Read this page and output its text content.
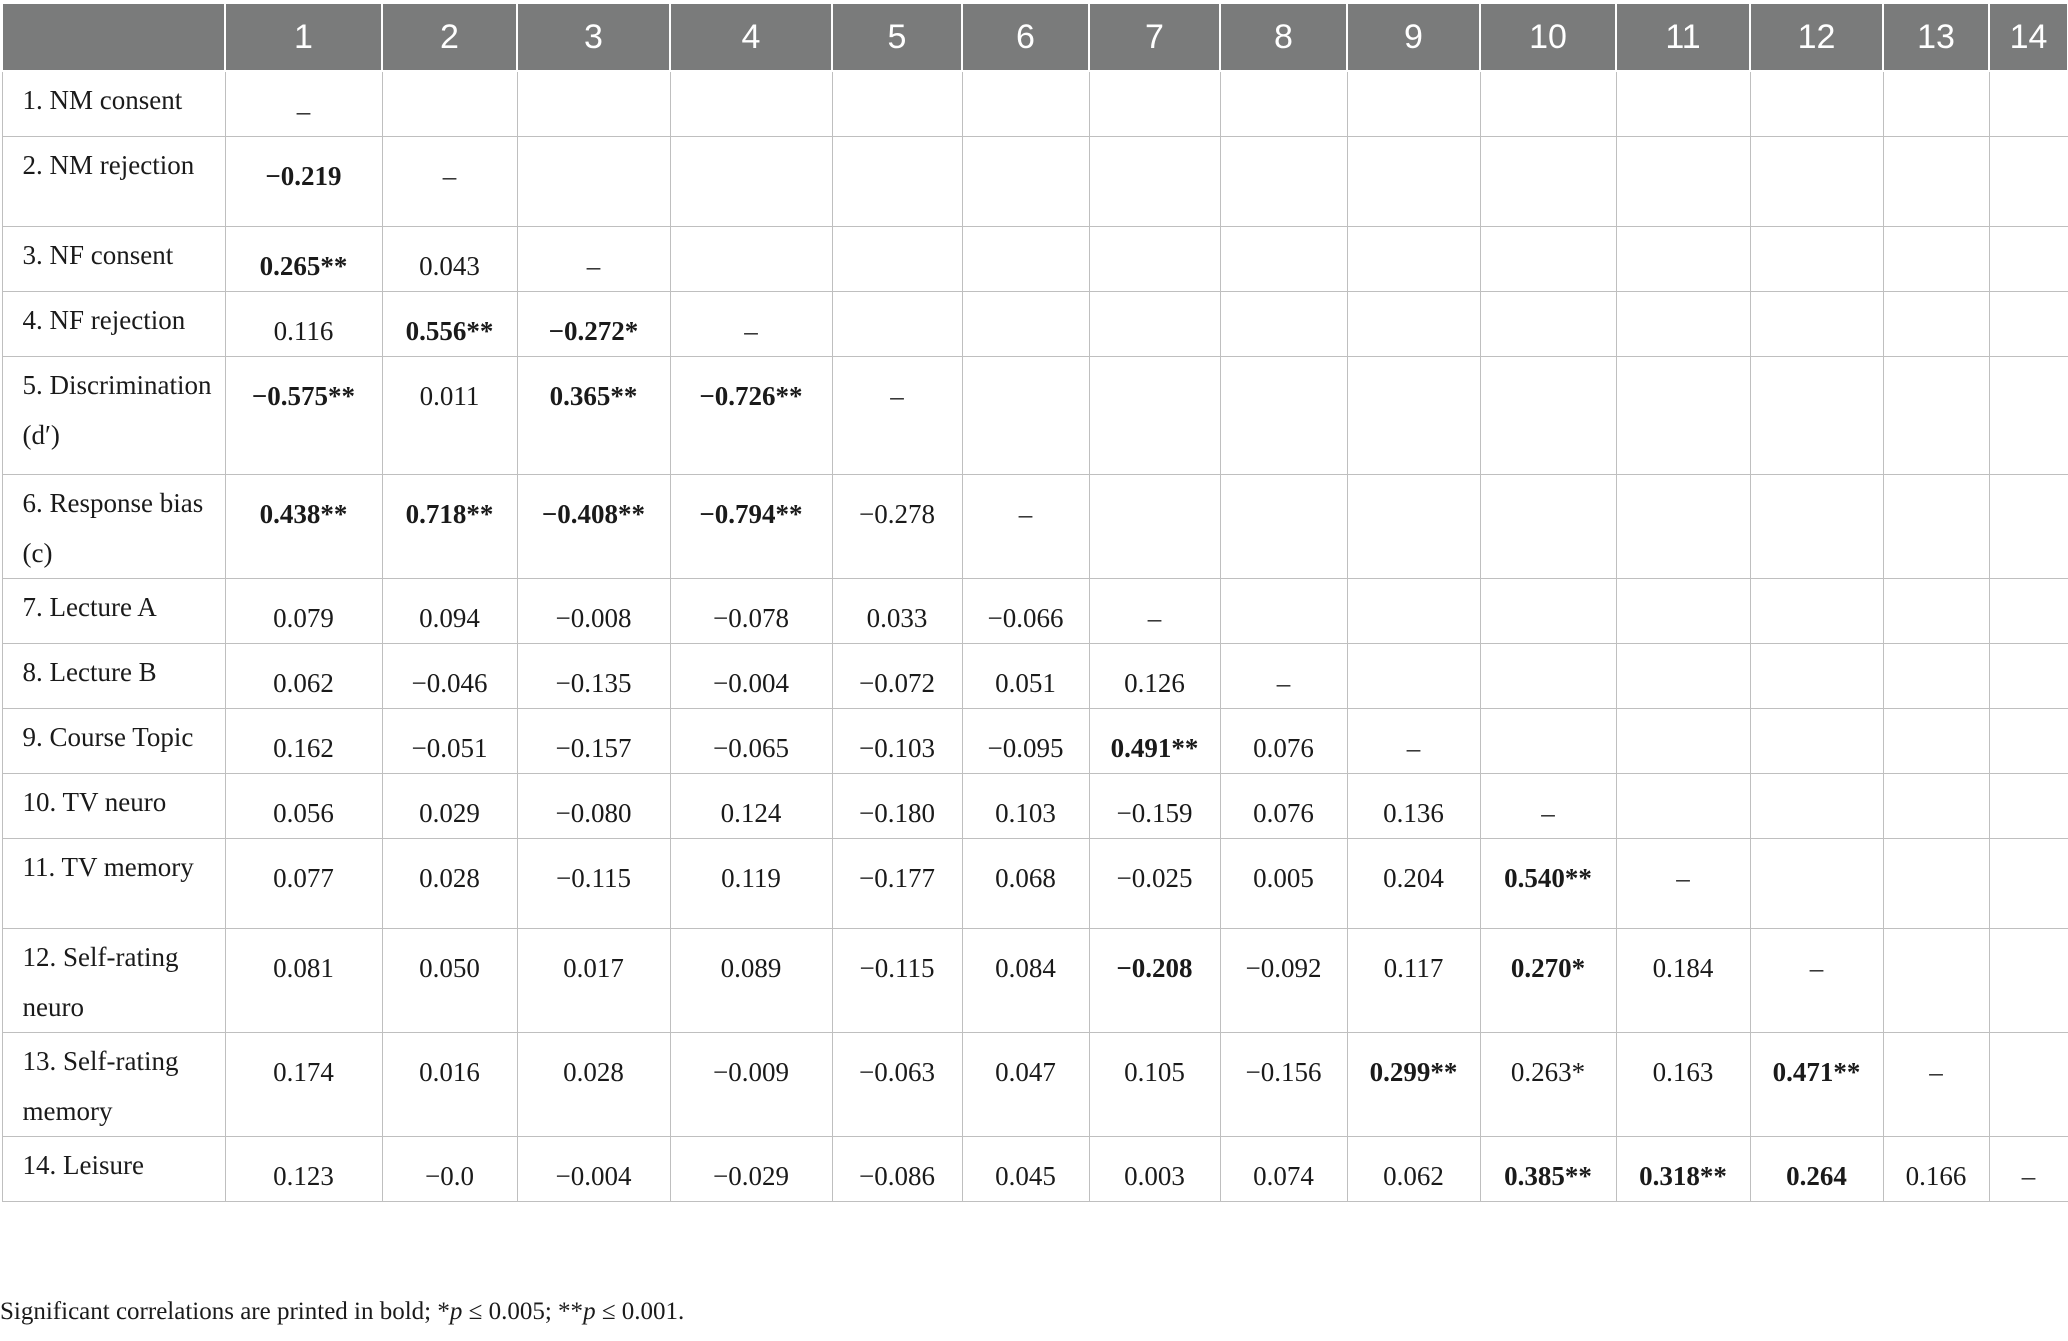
	1	2	3	4	5	6	7	8	9	10	11	12	13	14

1. NM consent	–													

2. NM rejection	−0.219	–												

3. NF consent	0.265**	0.043	–											

4. NF rejection	0.116	0.556**	−0.272*	–										

5. Discrimination (d′)	−0.575**	0.011	0.365**	−0.726**	–									

6. Response bias (c)	0.438**	0.718**	−0.408**	−0.794**	−0.278	–								

7. Lecture A	0.079	0.094	−0.008	−0.078	0.033	−0.066	–							

8. Lecture B	0.062	−0.046	−0.135	−0.004	−0.072	0.051	0.126	–						

9. Course Topic	0.162	−0.051	−0.157	−0.065	−0.103	−0.095	0.491**	0.076	–					

10. TV neuro	0.056	0.029	−0.080	0.124	−0.180	0.103	−0.159	0.076	0.136	–				

11. TV memory	0.077	0.028	−0.115	0.119	−0.177	0.068	−0.025	0.005	0.204	0.540**	–			

12. Self-rating neuro	0.081	0.050	0.017	0.089	−0.115	0.084	−0.208	−0.092	0.117	0.270*	0.184	–		

13. Self-rating memory	0.174	0.016	0.028	−0.009	−0.063	0.047	0.105	−0.156	0.299**	0.263*	0.163	0.471**	–	

14. Leisure	0.123	−0.0	−0.004	−0.029	−0.086	0.045	0.003	0.074	0.062	0.385**	0.318**	0.264	0.166	–
Significant correlations are printed in bold; *p ≤ 0.005; **p ≤ 0.001.
